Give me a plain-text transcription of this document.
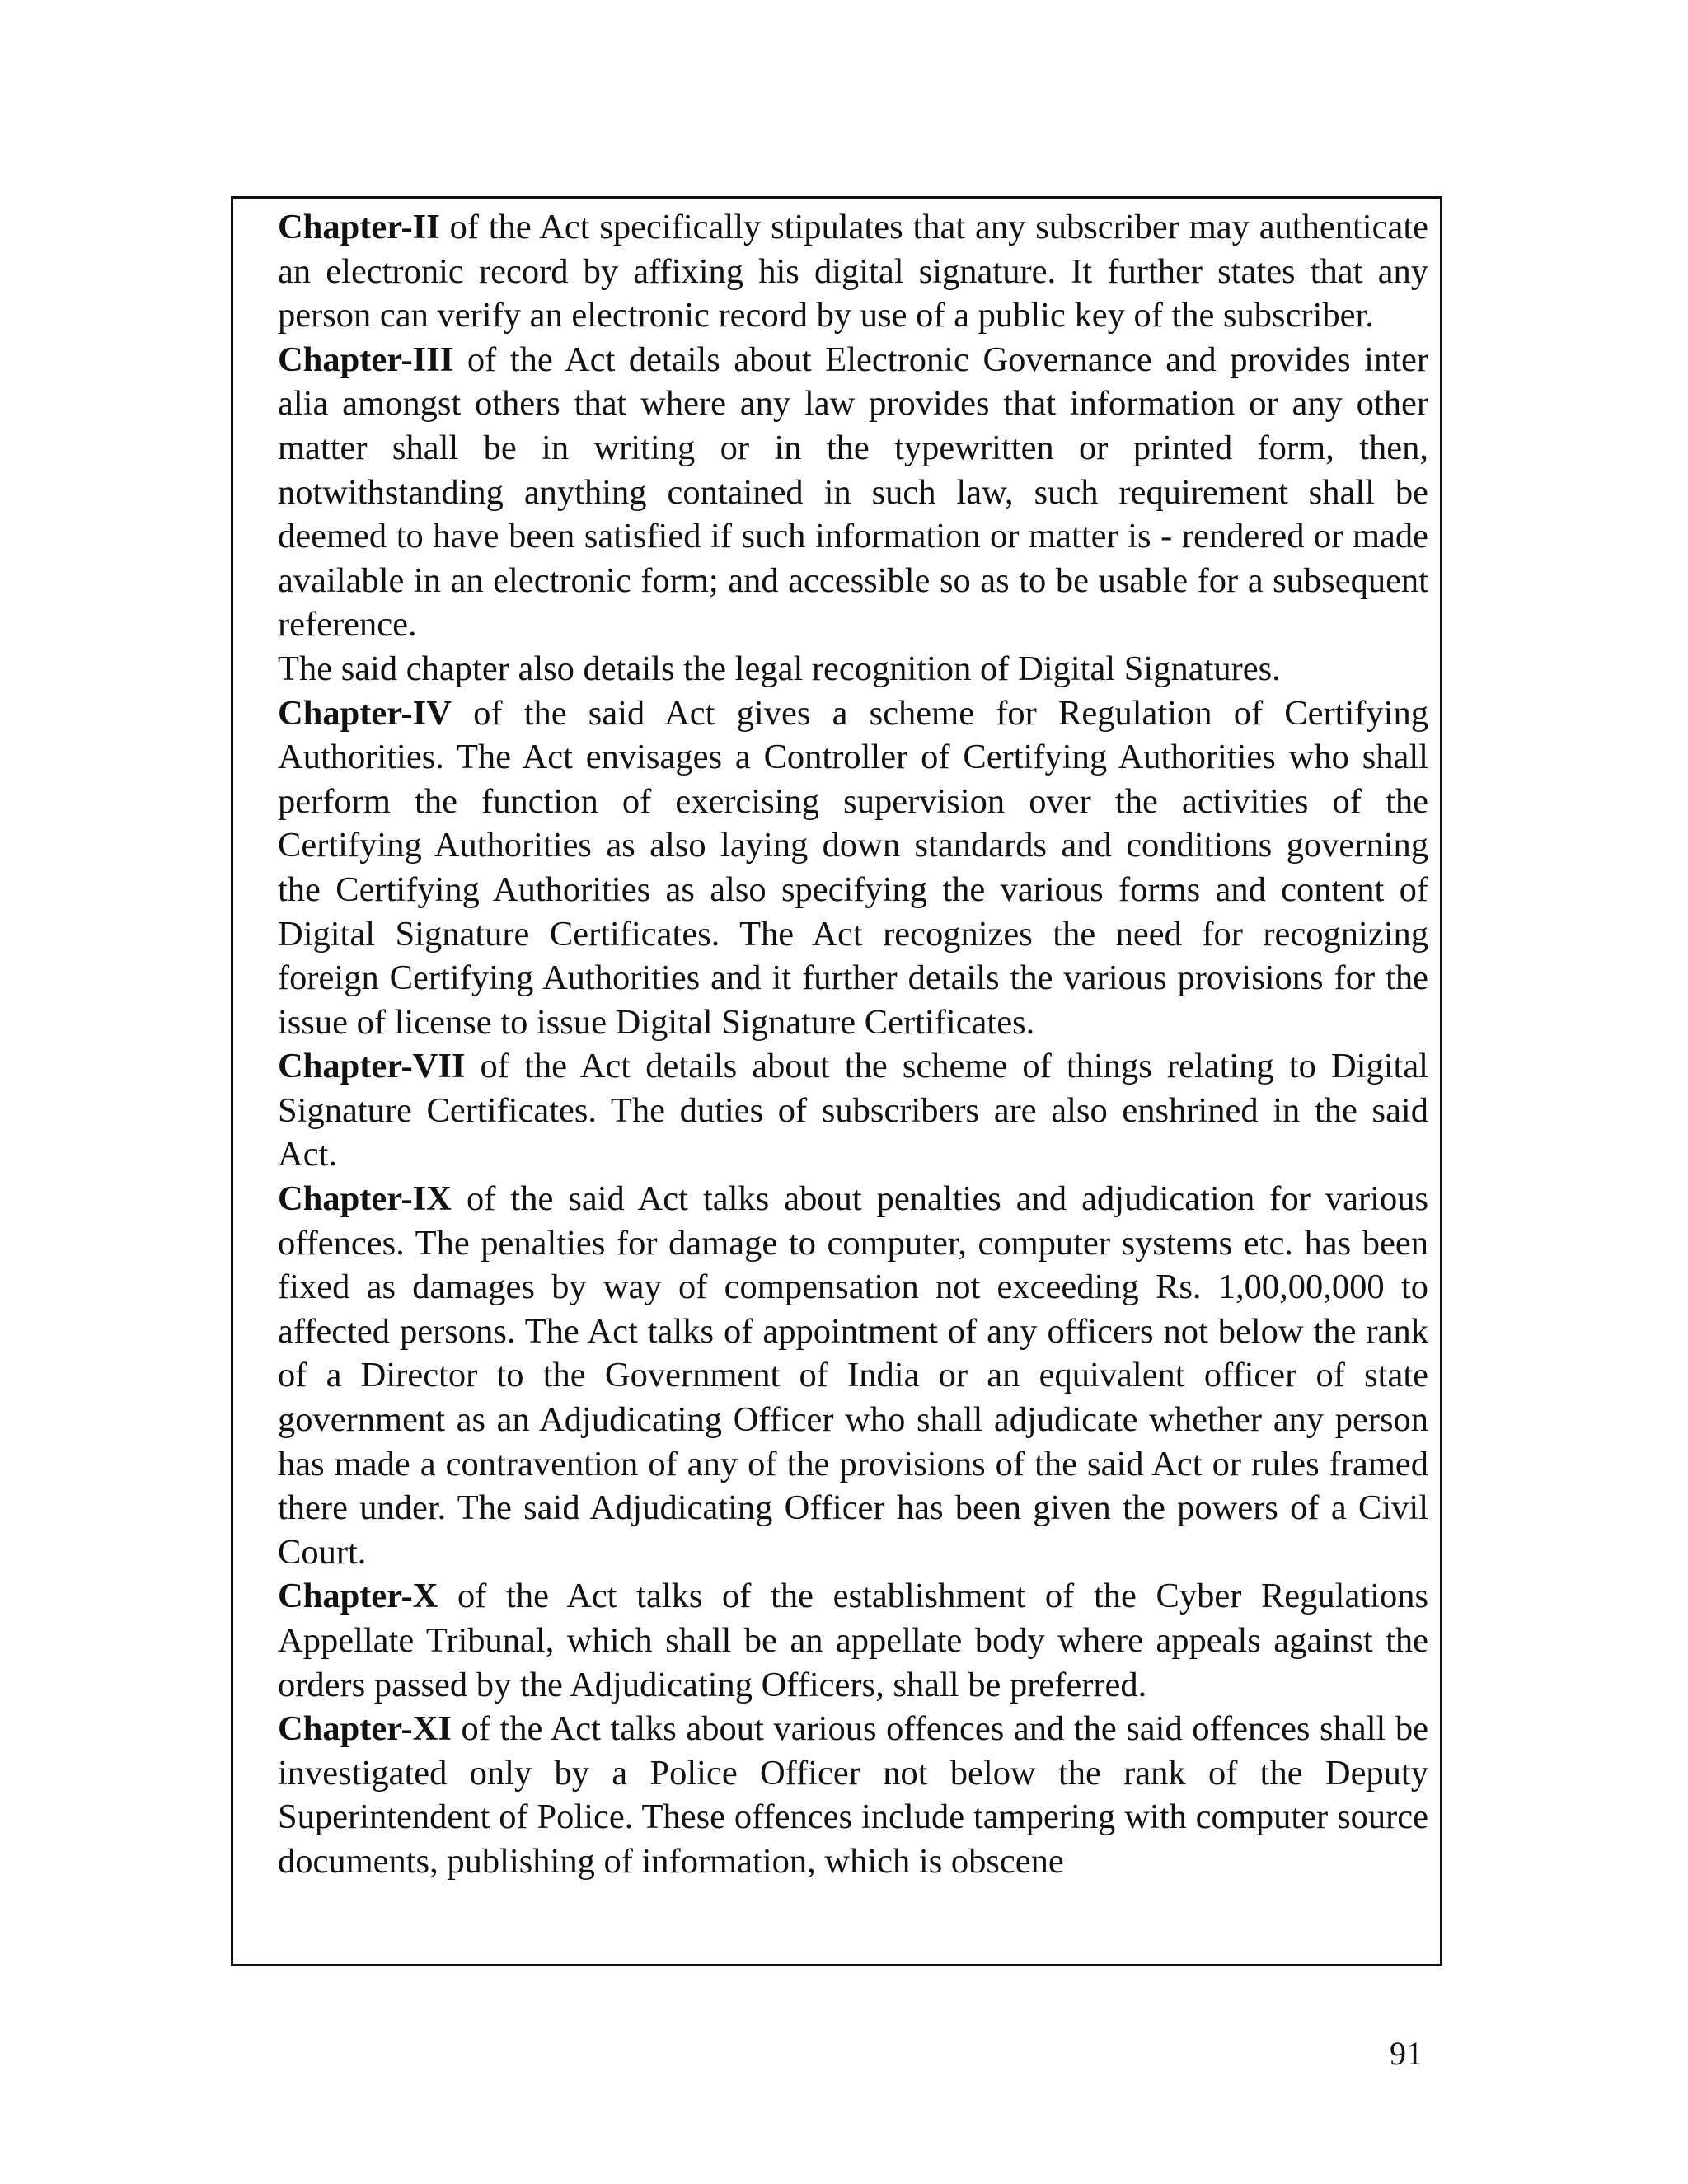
Chapter-II of the Act specifically stipulates that any subscriber may authenticate an electronic record by affixing his digital signature. It further states that any person can verify an electronic record by use of a public key of the subscriber.

Chapter-III of the Act details about Electronic Governance and provides inter alia amongst others that where any law provides that information or any other matter shall be in writing or in the typewritten or printed form, then, notwithstanding anything contained in such law, such requirement shall be deemed to have been satisfied if such information or matter is - rendered or made available in an electronic form; and accessible so as to be usable for a subsequent reference.

The said chapter also details the legal recognition of Digital Signatures.

Chapter-IV of the said Act gives a scheme for Regulation of Certifying Authorities. The Act envisages a Controller of Certifying Authorities who shall perform the function of exercising supervision over the activities of the Certifying Authorities as also laying down standards and conditions governing the Certifying Authorities as also specifying the various forms and content of Digital Signature Certificates. The Act recognizes the need for recognizing foreign Certifying Authorities and it further details the various provisions for the issue of license to issue Digital Signature Certificates.

Chapter-VII of the Act details about the scheme of things relating to Digital Signature Certificates. The duties of subscribers are also enshrined in the said Act.

Chapter-IX of the said Act talks about penalties and adjudication for various offences. The penalties for damage to computer, computer systems etc. has been fixed as damages by way of compensation not exceeding Rs. 1,00,00,000 to affected persons. The Act talks of appointment of any officers not below the rank of a Director to the Government of India or an equivalent officer of state government as an Adjudicating Officer who shall adjudicate whether any person has made a contravention of any of the provisions of the said Act or rules framed there under. The said Adjudicating Officer has been given the powers of a Civil Court.

Chapter-X of the Act talks of the establishment of the Cyber Regulations Appellate Tribunal, which shall be an appellate body where appeals against the orders passed by the Adjudicating Officers, shall be preferred.

Chapter-XI of the Act talks about various offences and the said offences shall be investigated only by a Police Officer not below the rank of the Deputy Superintendent of Police. These offences include tampering with computer source documents, publishing of information, which is obscene

91
